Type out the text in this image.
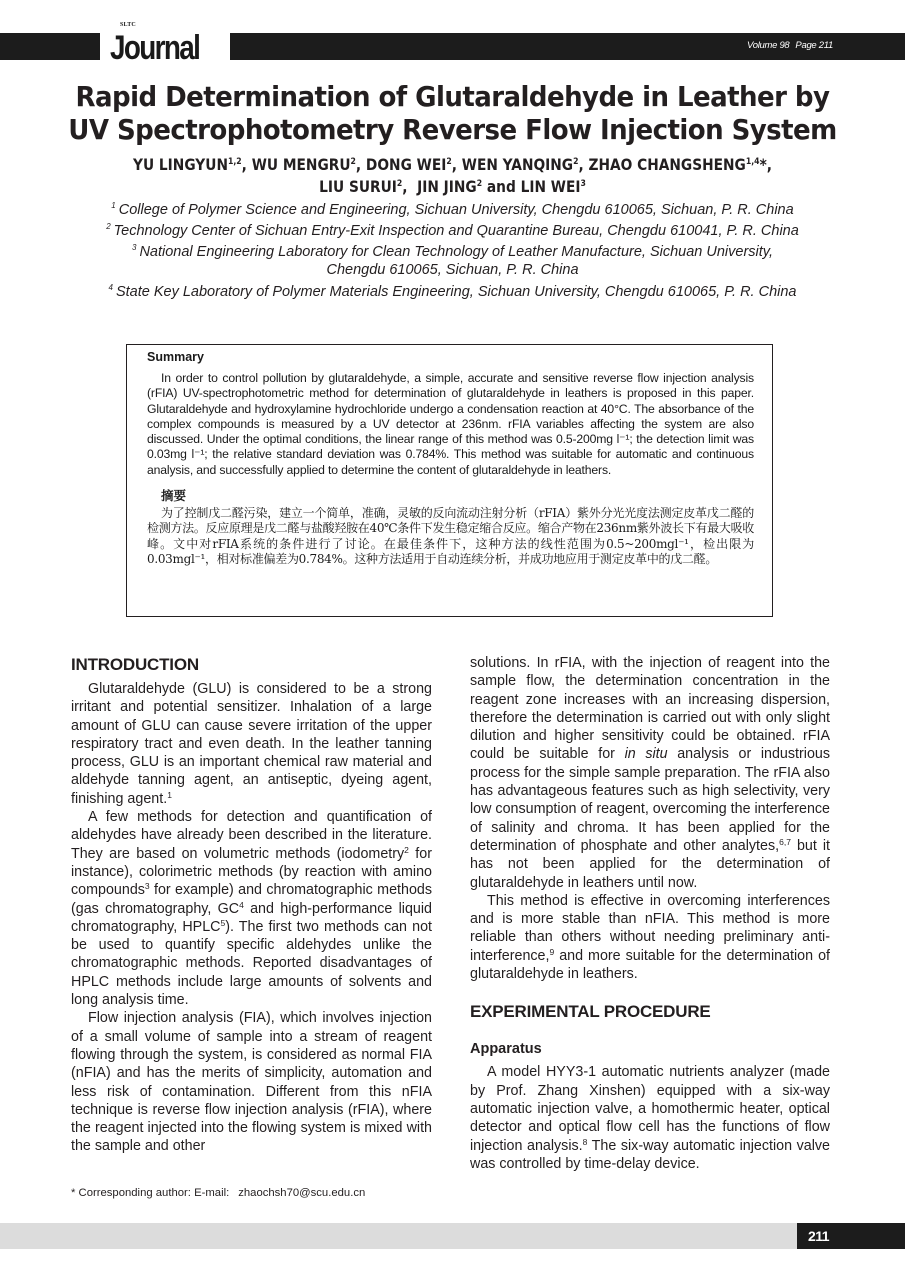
SLTC
Journal	Volume 98 Page 211
Rapid Determination of Glutaraldehyde in Leather by
UV Spectrophotometry Reverse Flow Injection System
YU LINGYUN$^{1,2}$, WU MENGRU$^2$, DONG WEI$^2$, WEN YANQING$^2$, ZHAO CHANGSHENG$^{1,4}$*,
LIU SURUI$^2$,  JIN JING$^2$ and LIN WEI$^3$

$^1$ College of Polymer Science and Engineering, Sichuan University, Chengdu 610065, Sichuan, P. R. China

$^2$ Technology Center of Sichuan Entry-Exit Inspection and Quarantine Bureau, Chengdu 610041, P. R. China

$^3$ National Engineering Laboratory for Clean Technology of Leather Manufacture, Sichuan University,
Chengdu 610065, Sichuan, P. R. China

$^4$ State Key Laboratory of Polymer Materials Engineering, Sichuan University, Chengdu 610065, P. R. China

Summary
In order to control pollution by glutaraldehyde, a simple, accurate and sensitive reverse flow injection analysis (rFIA) UV-spectrophotometric method for determination of glutaraldehyde in leathers is proposed in this paper. Glutaraldehyde and hydroxylamine hydrochloride undergo a condensation reaction at 40°C. The absorbance of the complex compounds is measured by a UV detector at 236nm. rFIA variables affecting the system are also discussed. Under the optimal conditions, the linear range of this method was 0.5-200mg l⁻¹; the detection limit was 0.03mg l⁻¹; the relative standard deviation was 0.784%. This method was suitable for automatic and continuous analysis, and successfully applied to determine the content of glutaraldehyde in leathers.
摘要
为了控制戊二醛污染，建立一个简单，准确，灵敏的反向流动注射分析（rFIA）紫外分光光度法测定皮革戊二醛的检测方法。反应原理是戊二醛与盐酸羟胺在40℃条件下发生稳定缩合反应。缩合产物在236nm紫外波长下有最大吸收峰。文中对rFIA系统的条件进行了讨论。在最佳条件下，这种方法的线性范围为0.5~200mgl⁻¹，检出限为0.03mgl⁻¹，相对标准偏差为0.784%。这种方法适用于自动连续分析，并成功地应用于测定皮革中的戊二醛。
INTRODUCTION

Glutaraldehyde (GLU) is considered to be a strong irritant and potential sensitizer. Inhalation of a large amount of GLU can cause severe irritation of the upper respiratory tract and even death. In the leather tanning process, GLU is an important chemical raw material and aldehyde tanning agent, an antiseptic, dyeing agent, finishing agent.$^1$

A few methods for detection and quantification of aldehydes have already been described in the literature. They are based on volumetric methods (iodometry$^2$ for instance), colorimetric methods (by reaction with amino compounds$^3$ for example) and chromatographic methods (gas chromatography, $GC^4$ and high-performance liquid chromatography, HPLC$^5$). The first two methods can not be used to quantify specific aldehydes unlike the chromatographic methods. Reported disadvantages of HPLC methods include large amounts of solvents and long analysis time.

Flow injection analysis (FIA), which involves injection of a small volume of sample into a stream of reagent flowing through the system, is considered as normal FIA (nFIA) and has the merits of simplicity, automation and less risk of contamination. Different from this nFIA technique is reverse flow injection analysis (rFIA), where the reagent injected into the flowing system is mixed with the sample and other

* Corresponding author: E-mail: zhaochsh70@scu.edu.cn

solutions. In rFIA, with the injection of reagent into the sample flow, the determination concentration in the reagent zone increases with an increasing dispersion, therefore the determination is carried out with only slight dilution and higher sensitivity could be obtained. rFIA could be suitable for in situ analysis or industrious process for the simple sample preparation. The rFIA also has advantageous features such as high selectivity, very low consumption of reagent, overcoming the interference of salinity and chroma. It has been applied for the determination of phosphate and other analytes,$^{6,7}$ but it has not been applied for the determination of glutaraldehyde in leathers until now.

This method is effective in overcoming interferences and is more stable than nFIA. This method is more reliable than others without needing preliminary anti-interference,$^9$ and more suitable for the determination of glutaraldehyde in leathers.

EXPERIMENTAL PROCEDURE
Apparatus

A model HYY3-1 automatic nutrients analyzer (made by Prof. Zhang Xinshen) equipped with a six-way automatic injection valve, a homothermic heater, optical detector and optical flow cell has the functions of flow injection analysis.$^8$ The six-way automatic injection valve was controlled by time-delay device.

211
